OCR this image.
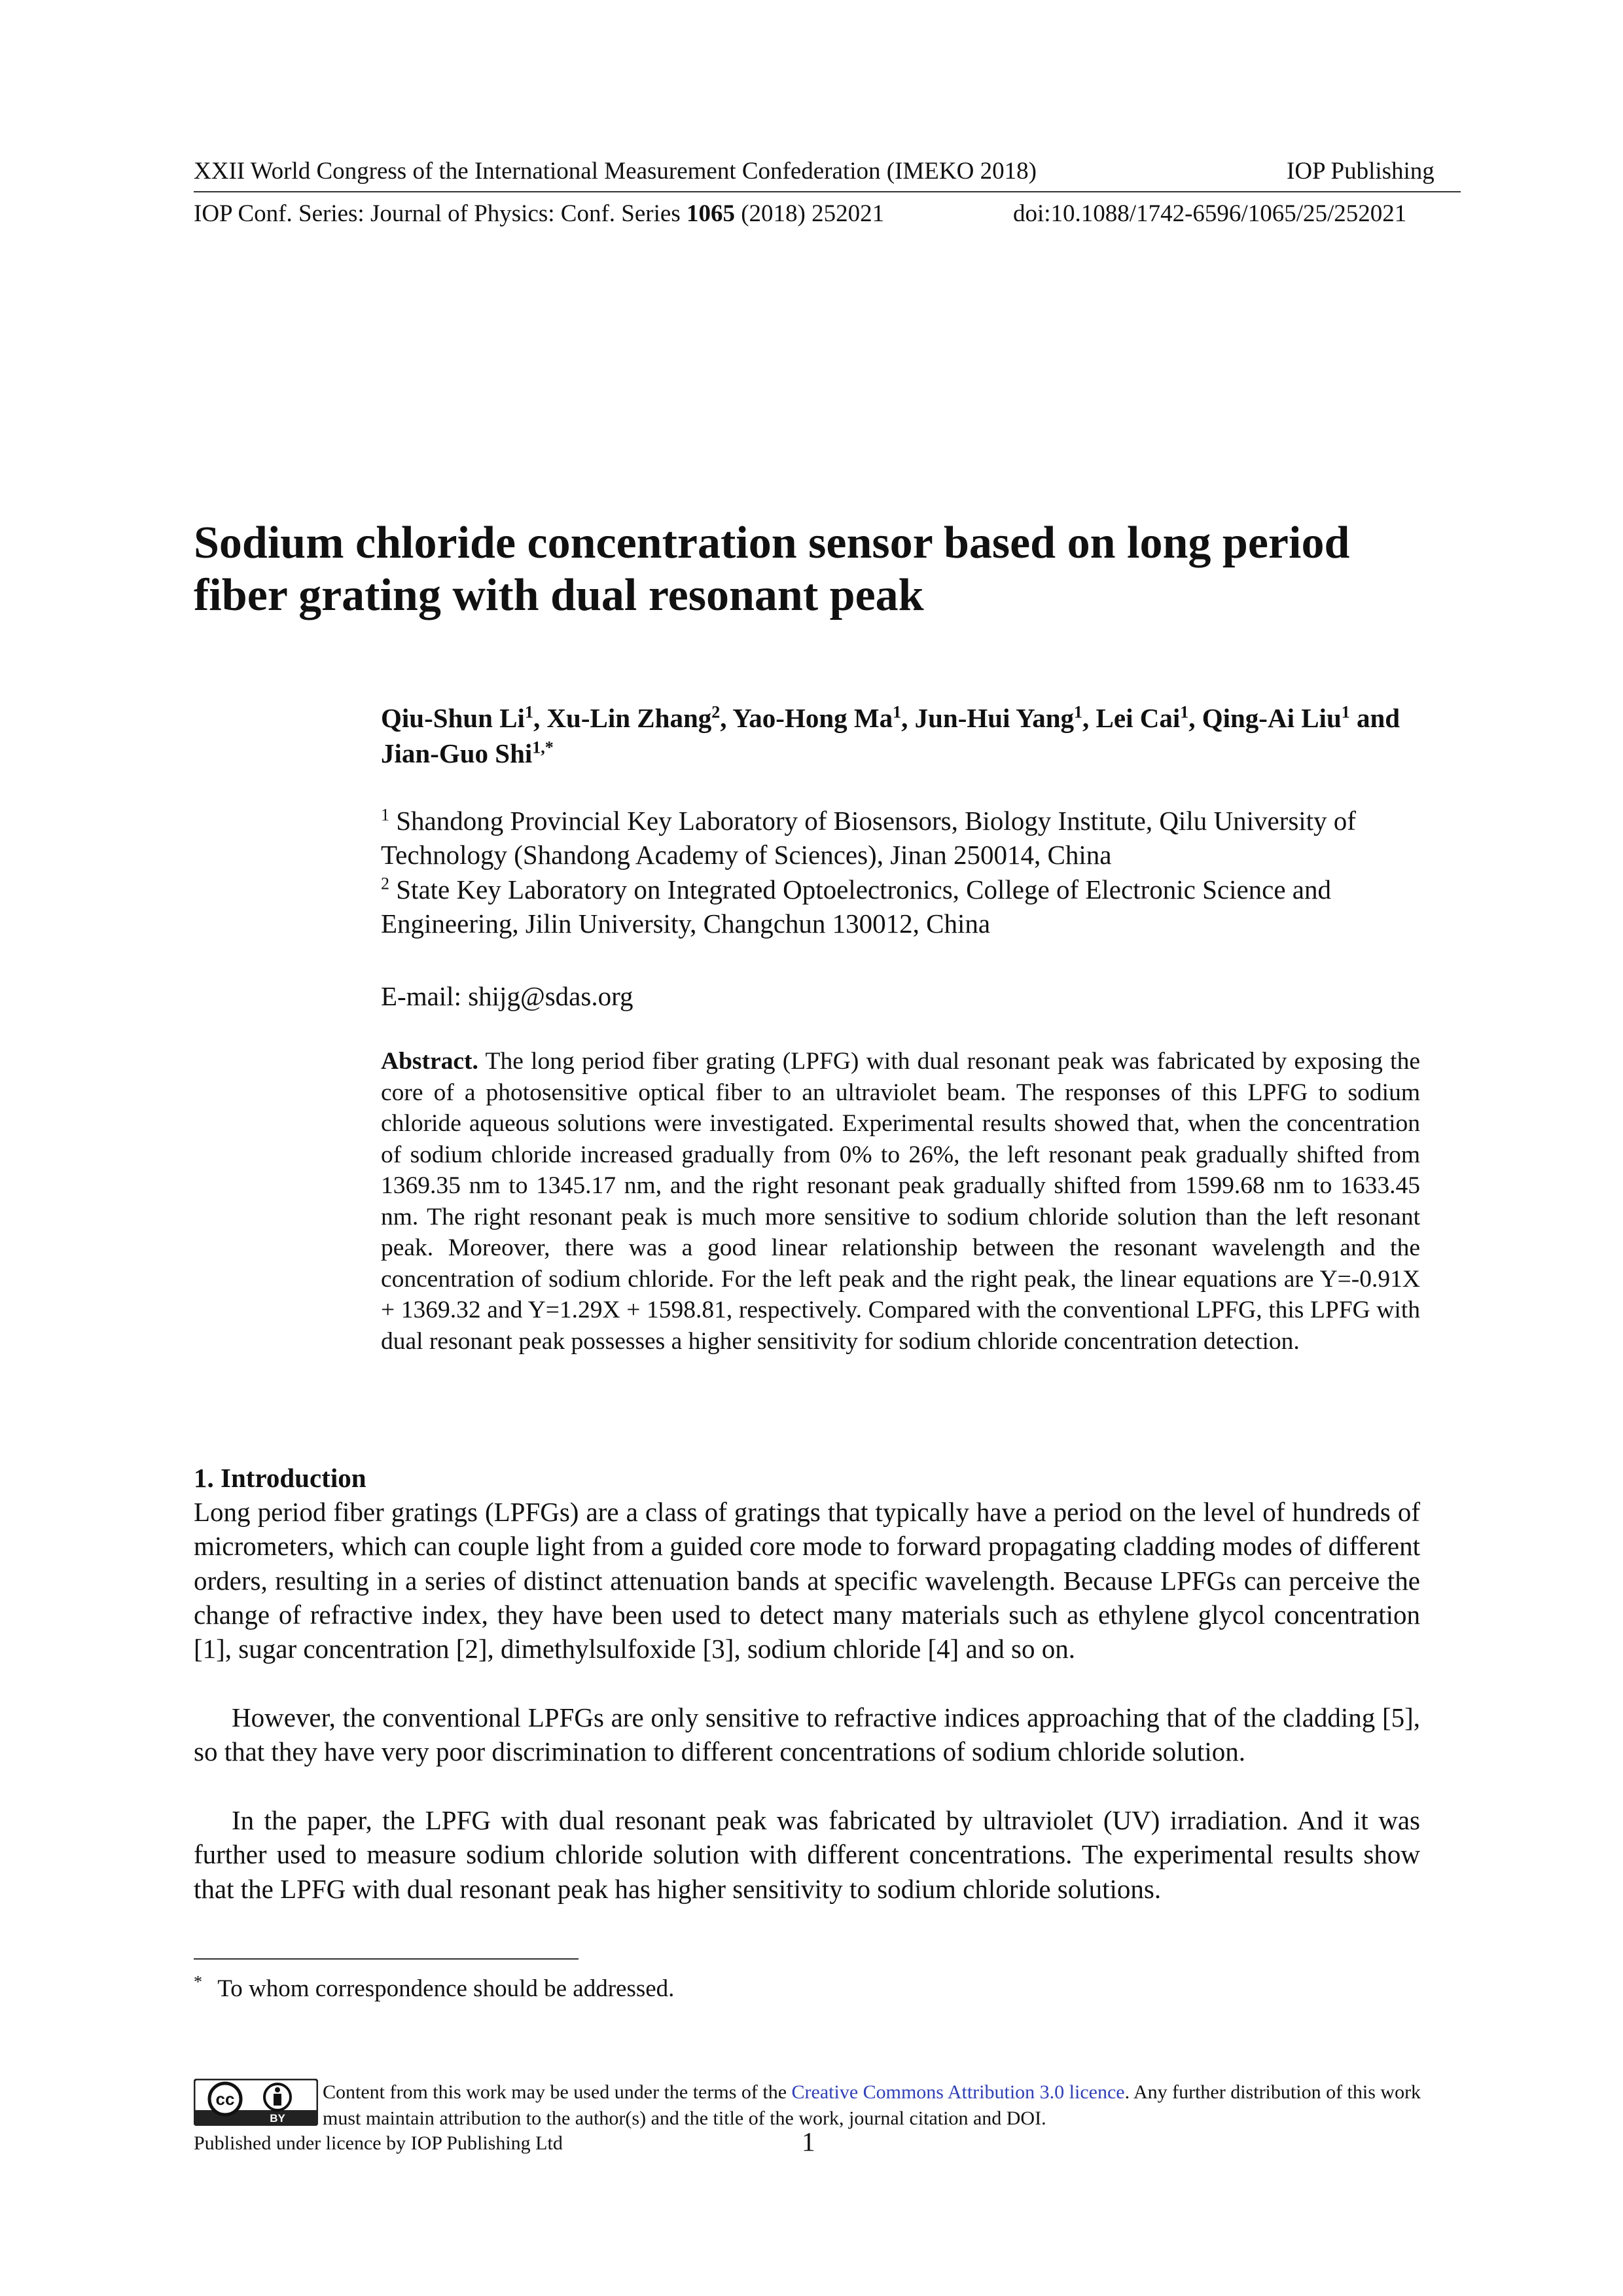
XXII World Congress of the International Measurement Confederation (IMEKO 2018)	IOP Publishing
IOP Conf. Series: Journal of Physics: Conf. Series 1065 (2018) 252021	doi:10.1088/1742-6596/1065/25/252021
Sodium chloride concentration sensor based on long period fiber grating with dual resonant peak
Qiu-Shun Li$^1$, Xu-Lin Zhang$^2$, Yao-Hong Ma$^1$, Jun-Hui Yang$^1$, Lei Cai$^1$, Qing-Ai Liu$^1$ and Jian-Guo Shi$^{1,*}$
$^1$ Shandong Provincial Key Laboratory of Biosensors, Biology Institute, Qilu University of Technology (Shandong Academy of Sciences), Jinan 250014, China
$^2$ State Key Laboratory on Integrated Optoelectronics, College of Electronic Science and Engineering, Jilin University, Changchun 130012, China
E-mail: shijg@sdas.org
Abstract. The long period fiber grating (LPFG) with dual resonant peak was fabricated by exposing the core of a photosensitive optical fiber to an ultraviolet beam. The responses of this LPFG to sodium chloride aqueous solutions were investigated. Experimental results showed that, when the concentration of sodium chloride increased gradually from 0% to 26%, the left resonant peak gradually shifted from 1369.35 nm to 1345.17 nm, and the right resonant peak gradually shifted from 1599.68 nm to 1633.45 nm. The right resonant peak is much more sensitive to sodium chloride solution than the left resonant peak. Moreover, there was a good linear relationship between the resonant wavelength and the concentration of sodium chloride. For the left peak and the right peak, the linear equations are Y=-0.91X + 1369.32 and Y=1.29X + 1598.81, respectively. Compared with the conventional LPFG, this LPFG with dual resonant peak possesses a higher sensitivity for sodium chloride concentration detection.
1. Introduction

Long period fiber gratings (LPFGs) are a class of gratings that typically have a period on the level of hundreds of micrometers, which can couple light from a guided core mode to forward propagating cladding modes of different orders, resulting in a series of distinct attenuation bands at specific wavelength. Because LPFGs can perceive the change of refractive index, they have been used to detect many materials such as ethylene glycol concentration [1], sugar concentration [2], dimethylsulfoxide [3], sodium chloride [4] and so on.

However, the conventional LPFGs are only sensitive to refractive indices approaching that of the cladding [5], so that they have very poor discrimination to different concentrations of sodium chloride solution.

In the paper, the LPFG with dual resonant peak was fabricated by ultraviolet (UV) irradiation. And it was further used to measure sodium chloride solution with different concentrations. The experimental results show that the LPFG with dual resonant peak has higher sensitivity to sodium chloride solutions.

* To whom correspondence should be addressed.
cc
BY
Content from this work may be used under the terms of the Creative Commons Attribution 3.0 licence. Any further distribution of this work must maintain attribution to the author(s) and the title of the work, journal citation and DOI.
Published under licence by IOP Publishing Ltd	1
